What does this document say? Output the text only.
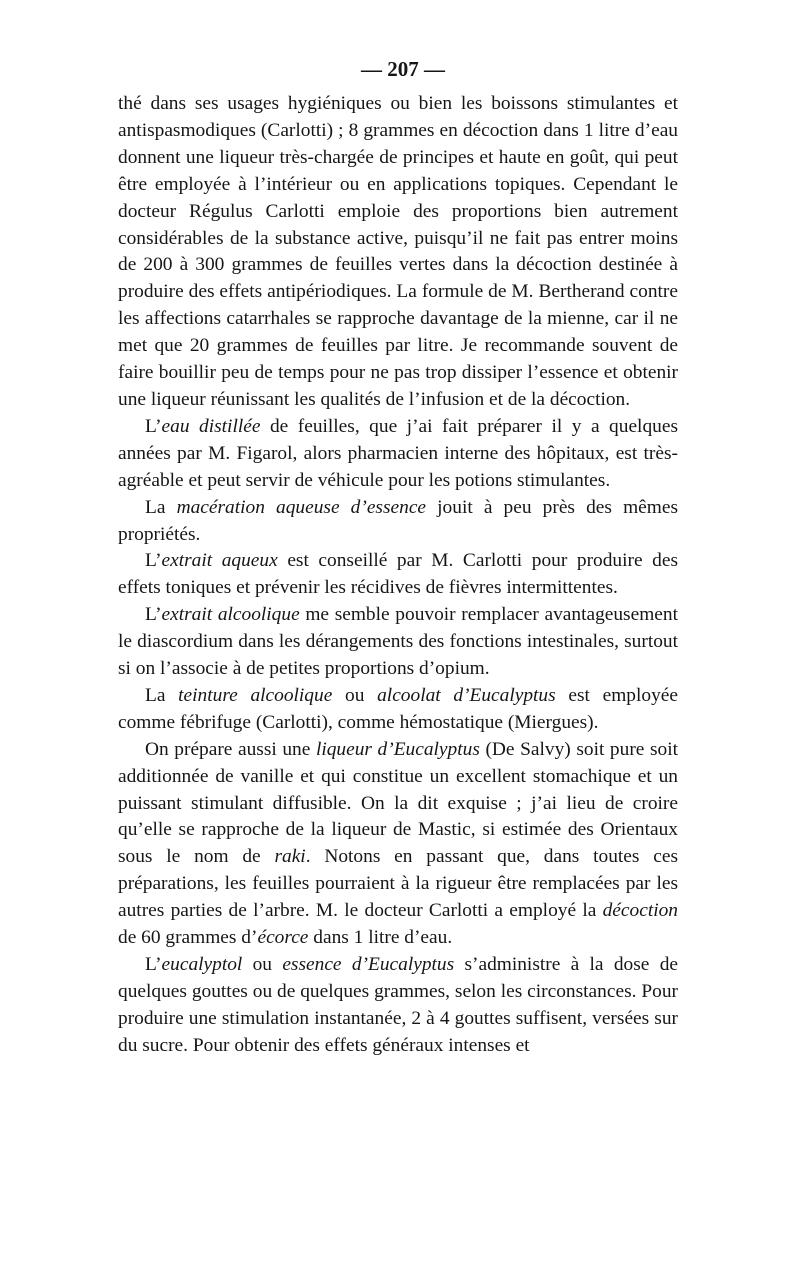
— 207 —

thé dans ses usages hygiéniques ou bien les boissons stimulantes et antispasmodiques (Carlotti) ; 8 grammes en décoction dans 1 litre d’eau donnent une liqueur très-chargée de principes et haute en goût, qui peut être employée à l’intérieur ou en applications topiques. Cependant le docteur Régulus Carlotti emploie des proportions bien autrement considérables de la substance active, puisqu’il ne fait pas entrer moins de 200 à 300 grammes de feuilles vertes dans la décoction destinée à produire des effets antipériodiques. La formule de M. Bertherand contre les affections catarrhales se rapproche davantage de la mienne, car il ne met que 20 grammes de feuilles par litre. Je recommande souvent de faire bouillir peu de temps pour ne pas trop dissiper l’essence et obtenir une liqueur réunissant les qualités de l’infusion et de la décoction.

L’eau distillée de feuilles, que j’ai fait préparer il y a quelques années par M. Figarol, alors pharmacien interne des hôpitaux, est très-agréable et peut servir de véhicule pour les potions stimulantes.

La macération aqueuse d’essence jouit à peu près des mêmes propriétés.

L’extrait aqueux est conseillé par M. Carlotti pour produire des effets toniques et prévenir les récidives de fièvres intermittentes.

L’extrait alcoolique me semble pouvoir remplacer avantageusement le diascordium dans les dérangements des fonctions intestinales, surtout si on l’associe à de petites proportions d’opium.

La teinture alcoolique ou alcoolat d’Eucalyptus est employée comme fébrifuge (Carlotti), comme hémostatique (Miergues).

On prépare aussi une liqueur d’Eucalyptus (De Salvy) soit pure soit additionnée de vanille et qui constitue un excellent stomachique et un puissant stimulant diffusible. On la dit exquise ; j’ai lieu de croire qu’elle se rapproche de la liqueur de Mastic, si estimée des Orientaux sous le nom de raki. Notons en passant que, dans toutes ces préparations, les feuilles pourraient à la rigueur être remplacées par les autres parties de l’arbre. M. le docteur Carlotti a employé la décoction de 60 grammes d’écorce dans 1 litre d’eau.

L’eucalyptol ou essence d’Eucalyptus s’administre à la dose de quelques gouttes ou de quelques grammes, selon les circonstances. Pour produire une stimulation instantanée, 2 à 4 gouttes suffisent, versées sur du sucre. Pour obtenir des effets généraux intenses et
